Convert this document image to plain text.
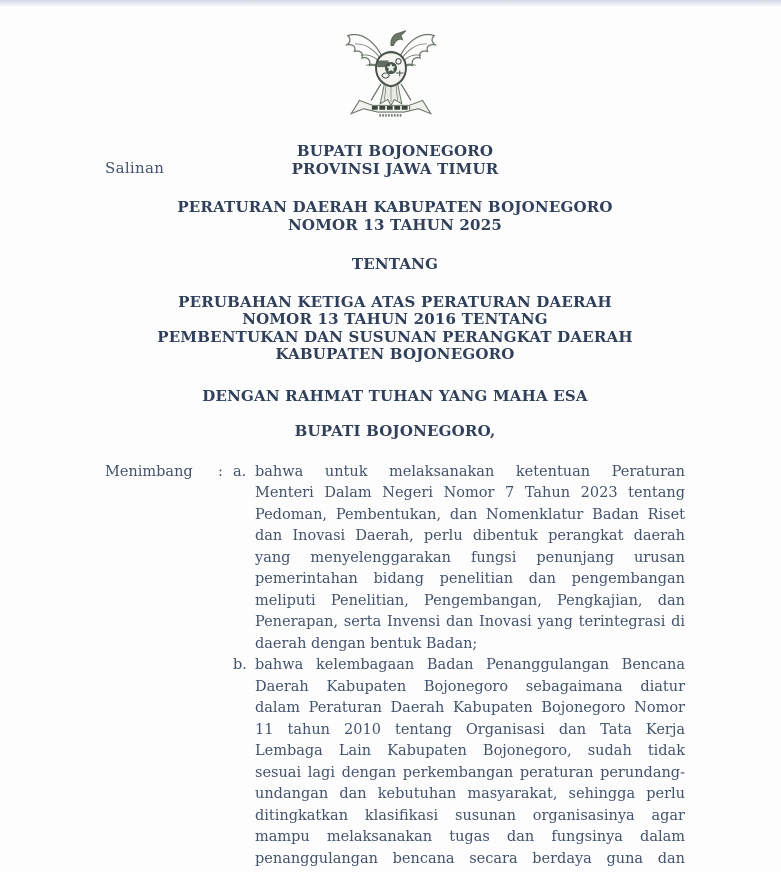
Salinan
BUPATI BOJONEGORO
PROVINSI JAWA TIMUR
PERATURAN DAERAH KABUPATEN BOJONEGORO
NOMOR 13 TAHUN 2025
TENTANG
PERUBAHAN KETIGA ATAS PERATURAN DAERAH
NOMOR 13 TAHUN 2016 TENTANG
PEMBENTUKAN DAN SUSUNAN PERANGKAT DAERAH
KABUPATEN BOJONEGORO
DENGAN RAHMAT TUHAN YANG MAHA ESA
BUPATI BOJONEGORO,
Menimbang	: a. bahwa untuk melaksanakan ketentuan Peraturan
Menteri Dalam Negeri Nomor 7 Tahun 2023 tentang
Pedoman, Pembentukan, dan Nomenklatur Badan Riset
dan Inovasi Daerah, perlu dibentuk perangkat daerah
yang menyelenggarakan fungsi penunjang urusan
pemerintahan bidang penelitian dan pengembangan
meliputi Penelitian, Pengembangan, Pengkajian, dan
Penerapan, serta Invensi dan Inovasi yang terintegrasi di
daerah dengan bentuk Badan;
b. bahwa kelembagaan Badan Penanggulangan Bencana
Daerah Kabupaten Bojonegoro sebagaimana diatur
dalam Peraturan Daerah Kabupaten Bojonegoro Nomor
11 tahun 2010 tentang Organisasi dan Tata Kerja
Lembaga Lain Kabupaten Bojonegoro, sudah tidak
sesuai lagi dengan perkembangan peraturan perundang-
undangan dan kebutuhan masyarakat, sehingga perlu
ditingkatkan klasifikasi susunan organisasinya agar
mampu melaksanakan tugas dan fungsinya dalam
penanggulangan bencana secara berdaya guna dan
